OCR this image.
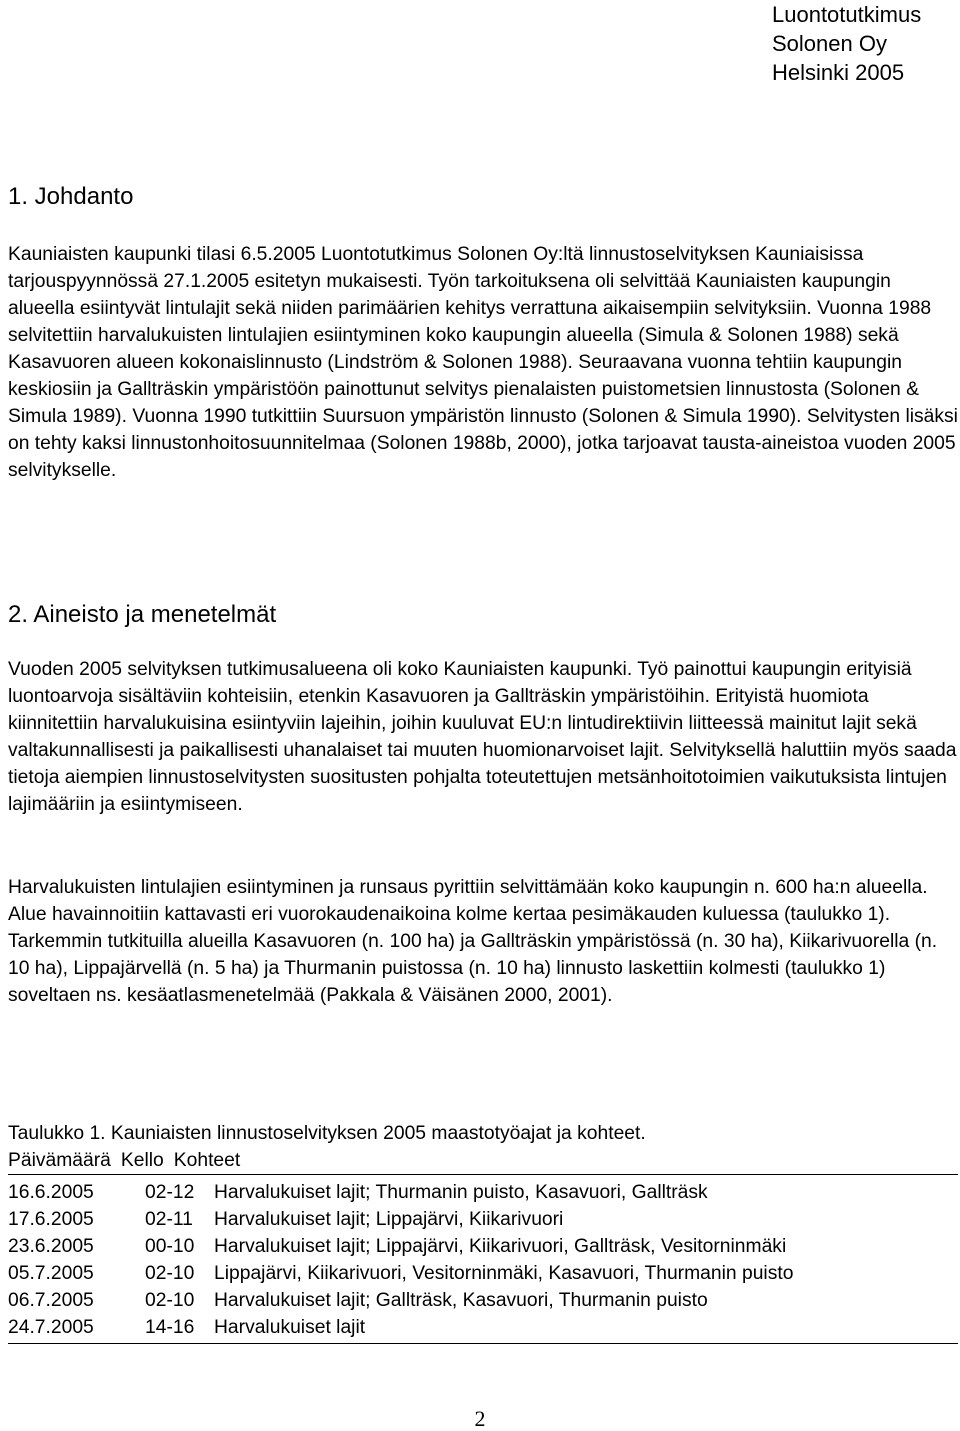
Luontotutkimus
Solonen Oy
Helsinki 2005
1. Johdanto

Kauniaisten kaupunki tilasi 6.5.2005 Luontotutkimus Solonen Oy:ltä linnustoselvityksen Kauniaisissa tarjouspyynnössä 27.1.2005 esitetyn mukaisesti. Työn tarkoituksena oli selvittää Kauniaisten kaupungin alueella esiintyvät lintulajit sekä niiden parimäärien kehitys verrattuna aikaisempiin selvityksiin. Vuonna 1988 selvitettiin harvalukuisten lintulajien esiintyminen koko kaupungin alueella (Simula & Solonen 1988) sekä Kasavuoren alueen kokonaislinnusto (Lindström & Solonen 1988). Seuraavana vuonna tehtiin kaupungin keskiosiin ja Gallträskin ympäristöön painottunut selvitys pienalaisten puistometsien linnustosta (Solonen & Simula 1989). Vuonna 1990 tutkittiin Suursuon ympäristön linnusto (Solonen & Simula 1990). Selvitysten lisäksi on tehty kaksi linnustonhoitosuunnitelmaa (Solonen 1988b, 2000), jotka tarjoavat tausta-aineistoa vuoden 2005 selvitykselle.

2. Aineisto ja menetelmät

Vuoden 2005 selvityksen tutkimusalueena oli koko Kauniaisten kaupunki. Työ painottui kaupungin erityisiä luontoarvoja sisältäviin kohteisiin, etenkin Kasavuoren ja Gallträskin ympäristöihin. Erityistä huomiota kiinnitettiin harvalukuisina esiintyviin lajeihin, joihin kuuluvat EU:n lintudirektiivin liitteessä mainitut lajit sekä valtakunnallisesti ja paikallisesti uhanalaiset tai muuten huomionarvoiset lajit. Selvityksellä haluttiin myös saada tietoja aiempien linnustoselvitysten suositusten pohjalta toteutettujen metsänhoitotoimien vaikutuksista lintujen lajimääriin ja esiintymiseen.

Harvalukuisten lintulajien esiintyminen ja runsaus pyrittiin selvittämään koko kaupungin n. 600 ha:n alueella. Alue havainnoitiin kattavasti eri vuorokaudenaikoina kolme kertaa pesimäkauden kuluessa (taulukko 1). Tarkemmin tutkituilla alueilla Kasavuoren (n. 100 ha) ja Gallträskin ympäristössä (n. 30 ha), Kiikarivuorella (n. 10 ha), Lippajärvellä (n. 5 ha) ja Thurmanin puistossa (n. 10 ha) linnusto laskettiin kolmesti (taulukko 1) soveltaen ns. kesäatlasmenetelmää (Pakkala & Väisänen 2000, 2001).

Taulukko 1. Kauniaisten linnustoselvityksen 2005 maastotyöajat ja kohteet.
Päivämäärä Kello Kohteet
16.6.2005	02-12	Harvalukuiset lajit; Thurmanin puisto, Kasavuori, Gallträsk
17.6.2005	02-11	Harvalukuiset lajit; Lippajärvi, Kiikarivuori
23.6.2005	00-10	Harvalukuiset lajit; Lippajärvi, Kiikarivuori, Gallträsk, Vesitorninmäki
05.7.2005	02-10	Lippajärvi, Kiikarivuori, Vesitorninmäki, Kasavuori, Thurmanin puisto
06.7.2005	02-10	Harvalukuiset lajit; Gallträsk, Kasavuori, Thurmanin puisto
24.7.2005	14-16	Harvalukuiset lajit
2
